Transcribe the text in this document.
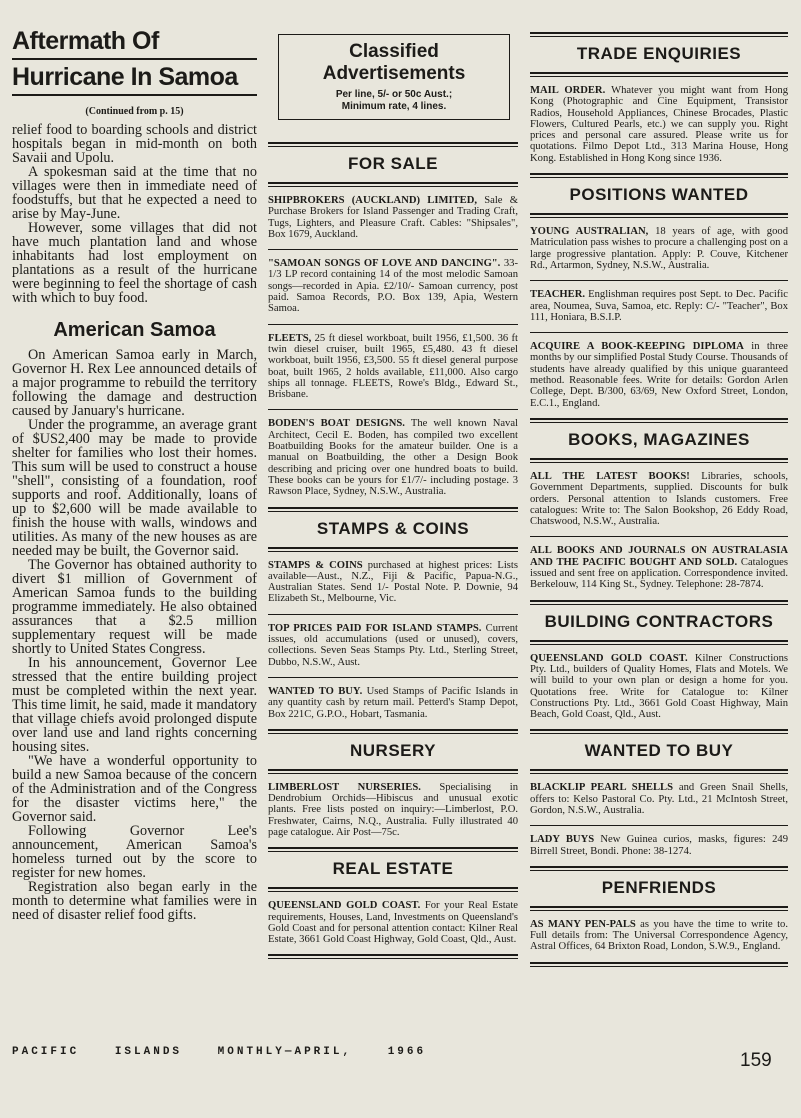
Aftermath Of
Hurricane In Samoa
(Continued from p. 15)

relief food to boarding schools and district hospitals began in mid-month on both Savaii and Upolu.

A spokesman said at the time that no villages were then in immediate need of foodstuffs, but that he expected a need to arise by May-June.

However, some villages that did not have much plantation land and whose inhabitants had lost employment on plantations as a result of the hurricane were beginning to feel the shortage of cash with which to buy food.

American Samoa

On American Samoa early in March, Governor H. Rex Lee announced details of a major programme to rebuild the territory following the damage and destruction caused by January's hurricane.

Under the programme, an average grant of $US2,400 may be made to provide shelter for families who lost their homes. This sum will be used to construct a house "shell", consisting of a foundation, roof supports and roof. Additionally, loans of up to $2,600 will be made available to finish the house with walls, windows and utilities. As many of the new houses as are needed may be built, the Governor said.

The Governor has obtained authority to divert $1 million of Government of American Samoa funds to the building programme immediately. He also obtained assurances that a $2.5 million supplementary request will be made shortly to United States Congress.

In his announcement, Governor Lee stressed that the entire building project must be completed within the next year. This time limit, he said, made it mandatory that village chiefs avoid prolonged dispute over land use and land rights concerning housing sites.

"We have a wonderful opportunity to build a new Samoa because of the concern of the Administration and of the Congress for the disaster victims here," the Governor said.

Following Governor Lee's announcement, American Samoa's homeless turned out by the score to register for new homes.

Registration also began early in the month to determine what families were in need of disaster relief food gifts.

Classified Advertisements
Per line, 5/- or 50c Aust.;
Minimum rate, 4 lines.
FOR SALE
SHIPBROKERS (AUCKLAND) LIMITED, Sale & Purchase Brokers for Island Passenger and Trading Craft, Tugs, Lighters, and Pleasure Craft. Cables: "Shipsales", Box 1679, Auckland.
"SAMOAN SONGS OF LOVE AND DANCING". 33-1/3 LP record containing 14 of the most melodic Samoan songs—recorded in Apia. £2/10/- Samoan currency, post paid. Samoa Records, P.O. Box 139, Apia, Western Samoa.
FLEETS, 25 ft diesel workboat, built 1956, £1,500. 36 ft twin diesel cruiser, built 1965, £5,480. 43 ft diesel workboat, built 1956, £3,500. 55 ft diesel general purpose boat, built 1965, 2 holds available, £11,000. Also cargo ships all tonnage. FLEETS, Rowe's Bldg., Edward St., Brisbane.
BODEN'S BOAT DESIGNS. The well known Naval Architect, Cecil E. Boden, has compiled two excellent Boatbuilding Books for the amateur builder. One is a manual on Boatbuilding, the other a Design Book describing and pricing over one hundred boats to build. These books can be yours for £1/7/- including postage. 3 Rawson Place, Sydney, N.S.W., Australia.
STAMPS & COINS
STAMPS & COINS purchased at highest prices: Lists available—Aust., N.Z., Fiji & Pacific, Papua-N.G., Australian States. Send 1/- Postal Note. P. Downie, 94 Elizabeth St., Melbourne, Vic.
TOP PRICES PAID FOR ISLAND STAMPS. Current issues, old accumulations (used or unused), covers, collections. Seven Seas Stamps Pty. Ltd., Sterling Street, Dubbo, N.S.W., Aust.
WANTED TO BUY. Used Stamps of Pacific Islands in any quantity cash by return mail. Petterd's Stamp Depot, Box 221C, G.P.O., Hobart, Tasmania.
NURSERY
LIMBERLOST NURSERIES. Specialising in Dendrobium Orchids—Hibiscus and unusual exotic plants. Free lists posted on inquiry:—Limberlost, P.O. Freshwater, Cairns, N.Q., Australia. Fully illustrated 40 page catalogue. Air Post—75c.
REAL ESTATE
QUEENSLAND GOLD COAST. For your Real Estate requirements, Houses, Land, Investments on Queensland's Gold Coast and for personal attention contact: Kilner Real Estate, 3661 Gold Coast Highway, Gold Coast, Qld., Aust.
TRADE ENQUIRIES
MAIL ORDER. Whatever you might want from Hong Kong (Photographic and Cine Equipment, Transistor Radios, Household Appliances, Chinese Brocades, Plastic Flowers, Cultured Pearls, etc.) we can supply you. Right prices and personal care assured. Please write us for quotations. Filmo Depot Ltd., 313 Marina House, Hong Kong. Established in Hong Kong since 1936.
POSITIONS WANTED
YOUNG AUSTRALIAN, 18 years of age, with good Matriculation pass wishes to procure a challenging post on a large progressive plantation. Apply: P. Couve, Kitchener Rd., Artarmon, Sydney, N.S.W., Australia.
TEACHER. Englishman requires post Sept. to Dec. Pacific area, Noumea, Suva, Samoa, etc. Reply: C/- "Teacher", Box 111, Honiara, B.S.I.P.
ACQUIRE A BOOK-KEEPING DIPLOMA in three months by our simplified Postal Study Course. Thousands of students have already qualified by this unique guaranteed method. Reasonable fees. Write for details: Gordon Arlen College, Dept. B/300, 63/69, New Oxford Street, London, E.C.1., England.
BOOKS, MAGAZINES
ALL THE LATEST BOOKS! Libraries, schools, Government Departments, supplied. Discounts for bulk orders. Personal attention to Islands customers. Free catalogues: Write to: The Salon Bookshop, 26 Eddy Road, Chatswood, N.S.W., Australia.
ALL BOOKS AND JOURNALS ON AUSTRALASIA AND THE PACIFIC BOUGHT AND SOLD. Catalogues issued and sent free on application. Correspondence invited. Berkelouw, 114 King St., Sydney. Telephone: 28-7874.
BUILDING CONTRACTORS
QUEENSLAND GOLD COAST. Kilner Constructions Pty. Ltd., builders of Quality Homes, Flats and Motels. We will build to your own plan or design a home for you. Quotations free. Write for Catalogue to: Kilner Constructions Pty. Ltd., 3661 Gold Coast Highway, Main Beach, Gold Coast, Qld., Aust.
WANTED TO BUY
BLACKLIP PEARL SHELLS and Green Snail Shells, offers to: Kelso Pastoral Co. Pty. Ltd., 21 McIntosh Street, Gordon, N.S.W., Australia.
LADY BUYS New Guinea curios, masks, figures: 249 Birrell Street, Bondi. Phone: 38-1274.
PENFRIENDS
AS MANY PEN-PALS as you have the time to write to. Full details from: The Universal Correspondence Agency, Astral Offices, 64 Brixton Road, London, S.W.9., England.
PACIFIC	ISLANDS	MONTHLY—APRIL,	1966	159
